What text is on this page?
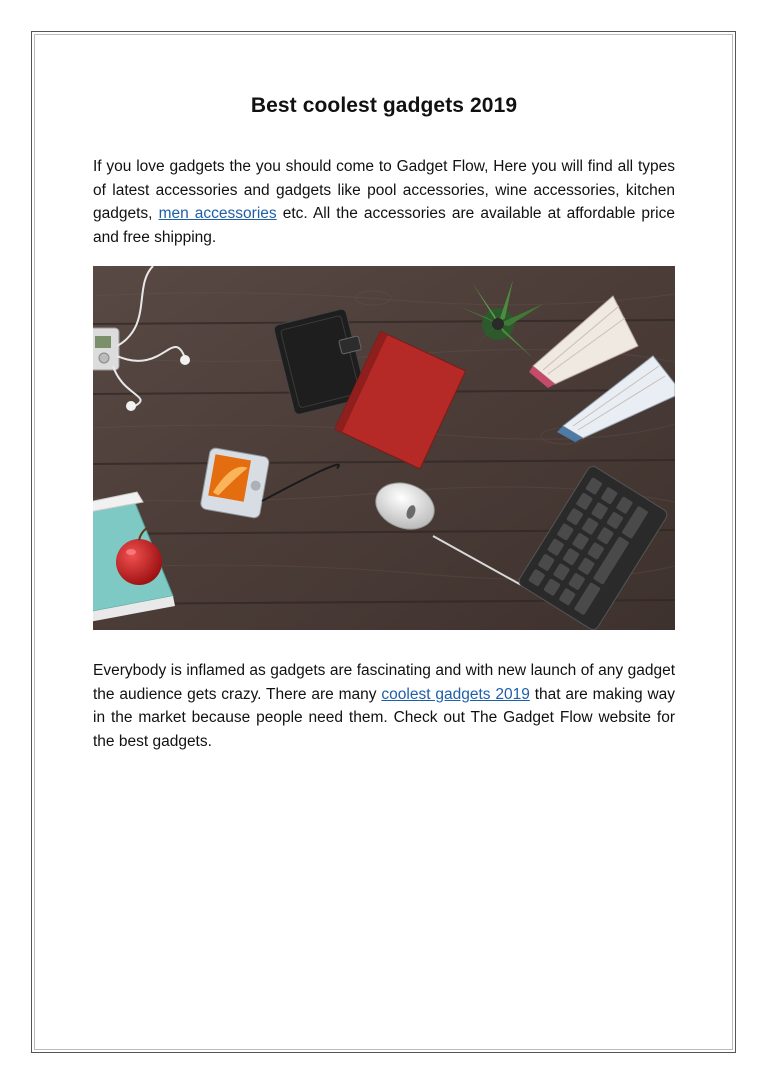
Best coolest gadgets 2019
If you love gadgets the you should come to Gadget Flow, Here you will find all types of latest accessories and gadgets like pool accessories, wine accessories, kitchen gadgets, men accessories etc. All the accessories are available at affordable price and free shipping.
Everybody is inflamed as gadgets are fascinating and with new launch of any gadget the audience gets crazy. There are many coolest gadgets 2019 that are making way in the market because people need them. Check out The Gadget Flow website for the best gadgets.
